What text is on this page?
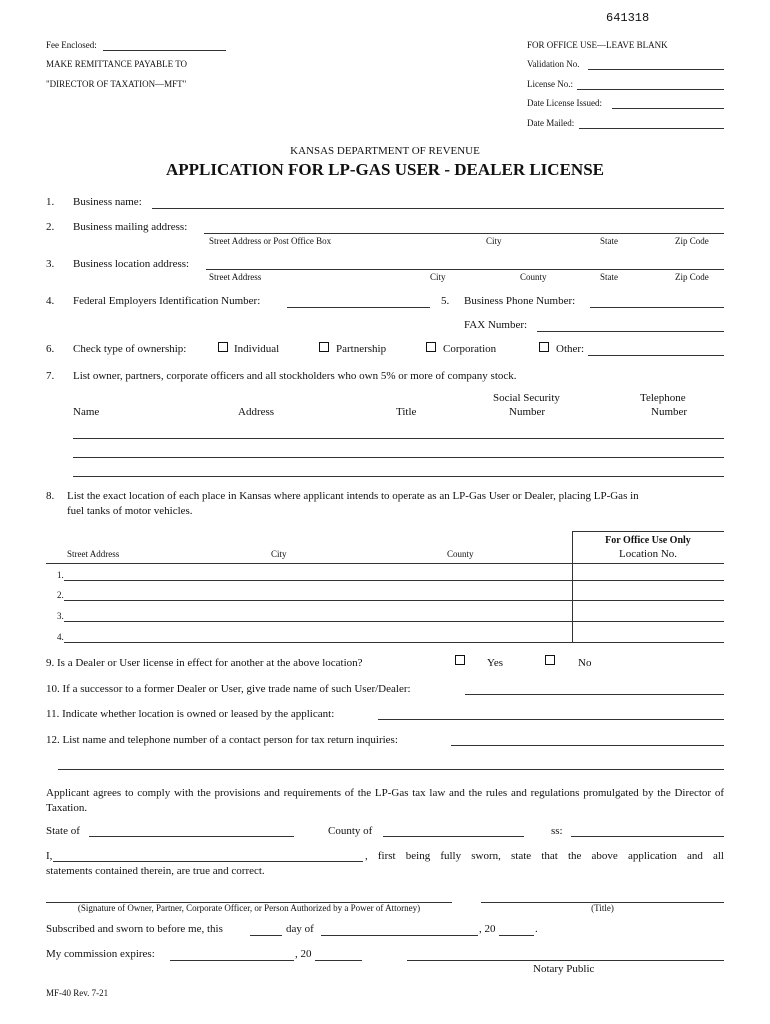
641318
Fee Enclosed:
MAKE REMITTANCE PAYABLE TO
"DIRECTOR OF TAXATION—MFT"
FOR OFFICE USE—LEAVE BLANK
Validation No.
License No.:
Date License Issued:
Date Mailed:
KANSAS DEPARTMENT OF REVENUE
APPLICATION FOR LP-GAS USER - DEALER LICENSE
1. Business name:
2. Business mailing address:
Street Address or Post Office Box	City	State	Zip Code
3. Business location address:
Street Address	City	County	State	Zip Code
4. Federal Employers Identification Number:	5. Business Phone Number:
FAX Number:
6. Check type of ownership:	Individual	Partnership	Corporation	Other:
7. List owner, partners, corporate officers and all stockholders who own 5% or more of company stock.
Name	Address	Title
Social Security
Number
Telephone
Number
8. List the exact location of each place in Kansas where applicant intends to operate as an LP-Gas User or Dealer, placing LP-Gas in
fuel tanks of motor vehicles.
For Office Use Only
Location No.
Street Address	City	County
1.
2.
3.
4.
9. Is a Dealer or User license in effect for another at the above location?	Yes	No
10. If a successor to a former Dealer or User, give trade name of such User/Dealer:
11. Indicate whether location is owned or leased by the applicant:
12. List name and telephone number of a contact person for tax return inquiries:
Applicant agrees to comply with the provisions and requirements of the LP-Gas tax law and the rules and regulations promulgated by the Director of Taxation.
State of	County of	ss:
I,	, first being fully sworn, state that the above application and all
statements contained therein, are true and correct.
(Signature of Owner, Partner, Corporate Officer, or Person Authorized by a Power of Attorney)	(Title)
Subscribed and sworn to before me, this	day of	, 20	.
My commission expires:	, 20
Notary Public
MF-40 Rev. 7-21
